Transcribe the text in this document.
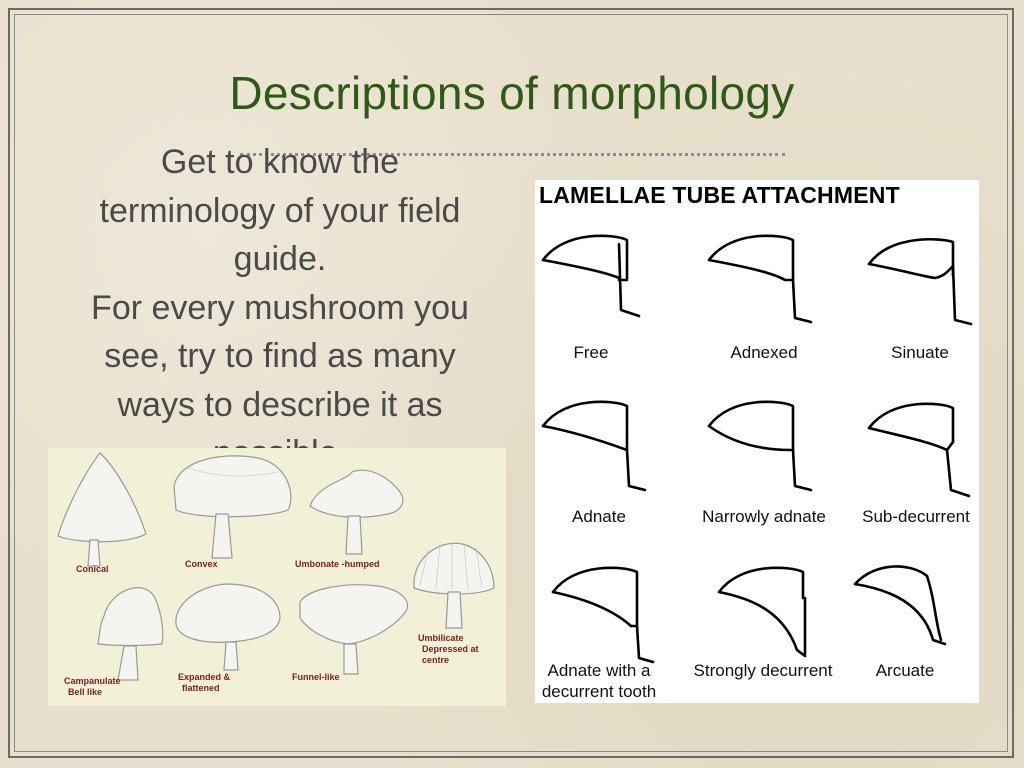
Descriptions of morphology
Get to know the
terminology of your field
guide.
For every mushroom you
see, try to find as many
ways to describe it as
Conical	Convex	Umbonate -humped
Campanulate
Bell like
Expanded &
flattened
Funnel-like
Umbilicate
Depressed at
centre
LAMELLAE TUBE ATTACHMENT
Free	Adnexed	Sinuate
Adnate	Narrowly adnate	Sub-decurrent
Adnate with a decurrent tooth
Strongly decurrent	Arcuate
